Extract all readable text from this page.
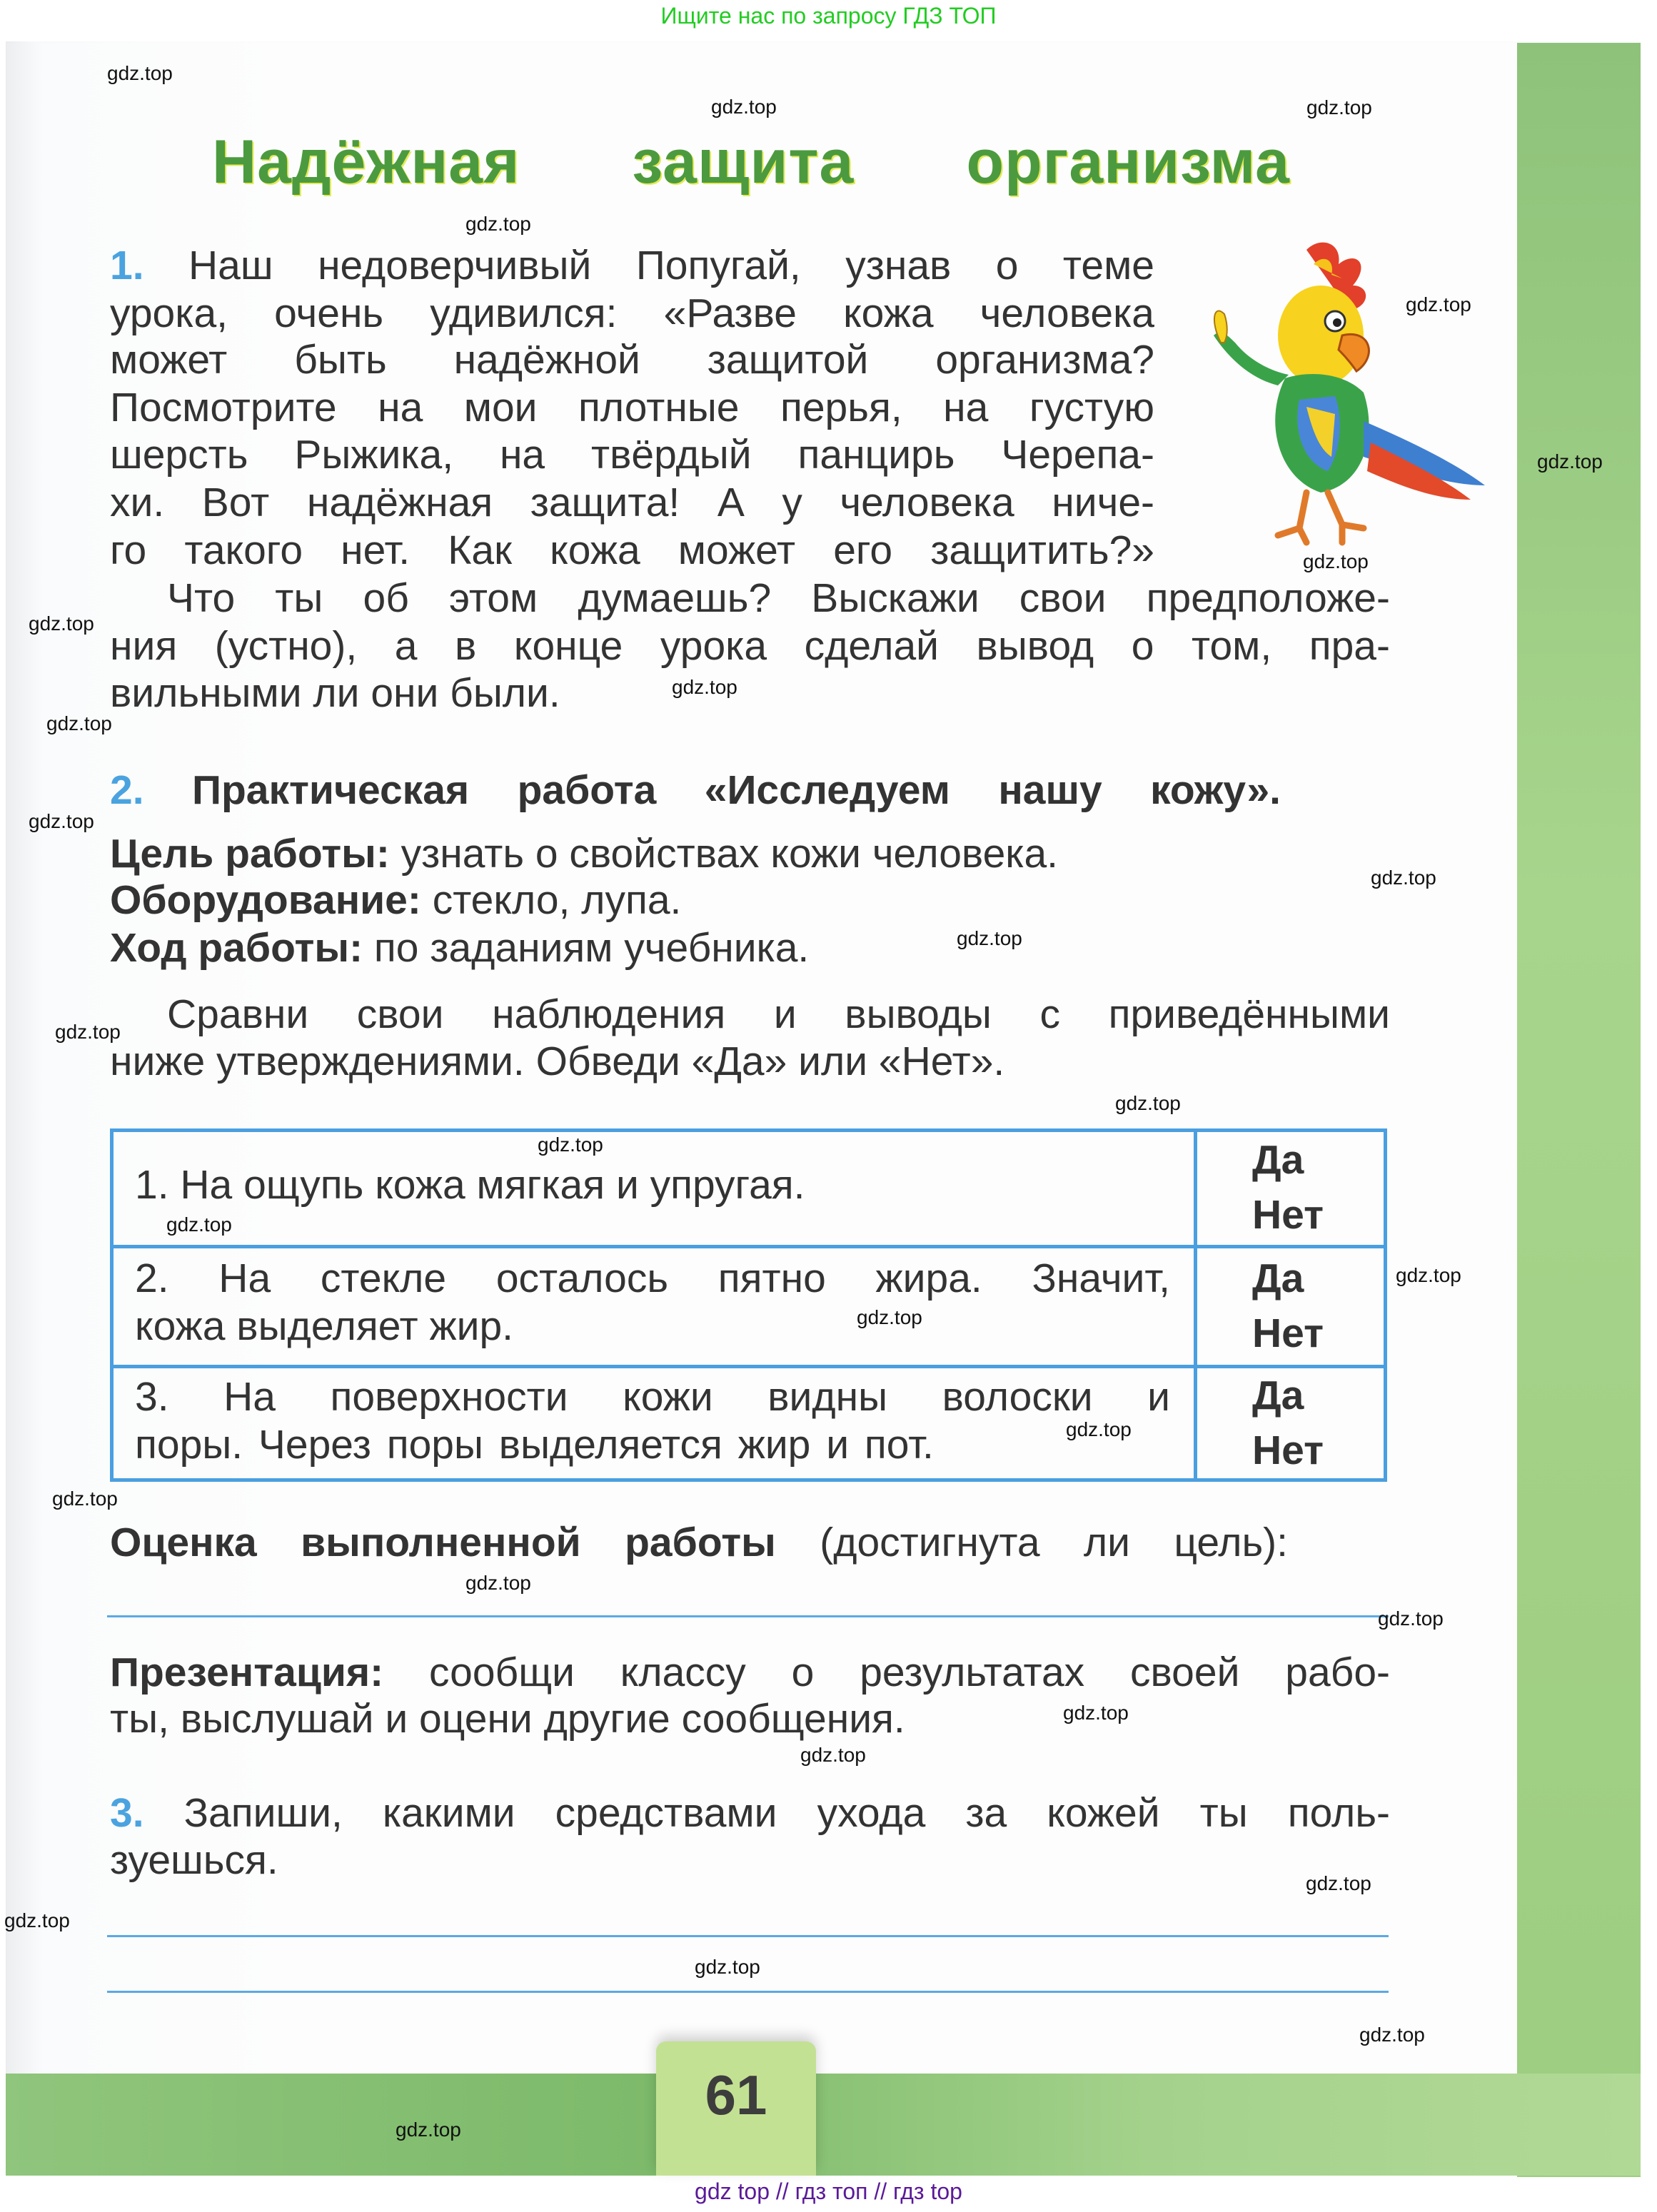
Ищите нас по запросу ГДЗ ТОП
61
Надёжная защита организма
1. Наш недоверчивый Попугай, узнав о теме
урока, очень удивился: «Разве кожа человека
может быть надёжной защитой организма?
Посмотрите на мои плотные перья, на густую
шерсть Рыжика, на твёрдый панцирь Черепа-
хи. Вот надёжная защита! А у человека ниче-
го такого нет. Как кожа может его защитить?»
Что ты об этом думаешь? Выскажи свои предположе-
ния (устно), а в конце урока сделай вывод о том, пра-
вильными ли они были.
2. Практическая работа «Исследуем нашу кожу».
Цель работы: узнать о свойствах кожи человека.
Оборудование: стекло, лупа.
Ход работы: по заданиям учебника.
Сравни свои наблюдения и выводы с приведёнными
ниже утверждениями. Обведи «Да» или «Нет».
1. На ощупь кожа мягкая и упругая.
Да
Нет
2. На стекле осталось пятно жира. Значит,
кожа выделяет жир.
Да
Нет
3. На поверхности кожи видны волоски и
поры. Через поры выделяется жир и пот.
Да
Нет
Оценка выполненной работы (достигнута ли цель):
Презентация: сообщи классу о результатах своей рабо-
ты, выслушай и оцени другие сообщения.
3. Запиши, какими средствами ухода за кожей ты поль-
зуешься.
gdz top // гдз топ // гдз top
gdz.top
gdz.top	gdz.top
gdz.top
gdz.top
gdz.top
gdz.top
gdz.top
gdz.top
gdz.top
gdz.top
gdz.top
gdz.top
gdz.top
gdz.top
gdz.top
gdz.top
gdz.top
gdz.top
gdz.top
gdz.top
gdz.top
gdz.top
gdz.top
gdz.top
gdz.top
gdz.top
gdz.top
gdz.top
gdz.top
